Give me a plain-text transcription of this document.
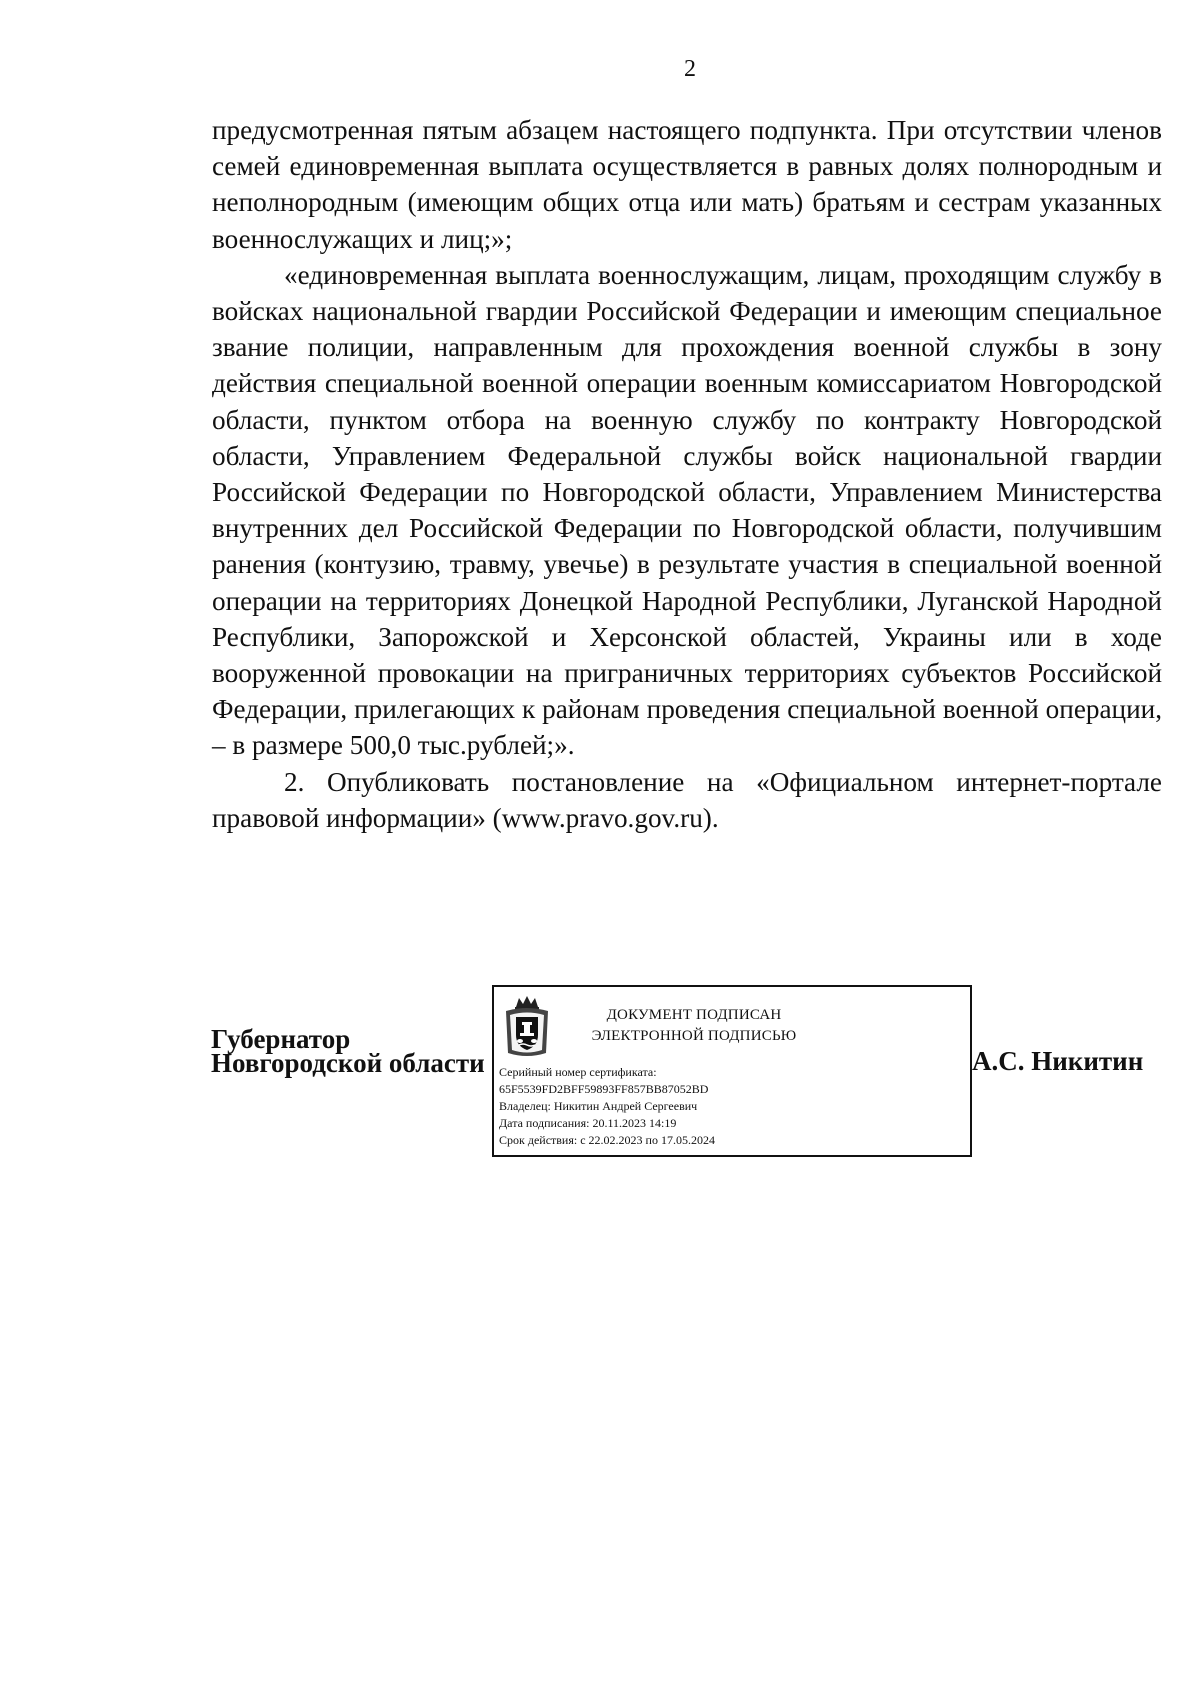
2

предусмотренная пятым абзацем настоящего подпункта. При отсутствии членов семей единовременная выплата осуществляется в равных долях полнородным и неполнородным (имеющим общих отца или мать) братьям и сестрам указанных военнослужащих и лиц;»;

«единовременная выплата военнослужащим, лицам, проходящим службу в войсках национальной гвардии Российской Федерации и имеющим специальное звание полиции, направленным для прохождения военной службы в зону действия специальной военной операции военным комиссариатом Новгородской области, пунктом отбора на военную службу по контракту Новгородской области, Управлением Федеральной службы войск национальной гвардии Российской Федерации по Новгородской области, Управлением Министерства внутренних дел Российской Федерации по Новгородской области, получившим ранения (контузию, травму, увечье) в результате участия в специальной военной операции на территориях Донецкой Народной Республики, Луганской Народной Республики, Запорожской и Херсонской областей, Украины или в ходе вооруженной провокации на приграничных территориях субъектов Российской Федерации, прилегающих к районам проведения специальной военной операции, – в размере 500,0 тыс.рублей;».

2. Опубликовать постановление на «Официальном интернет-портале правовой информации» (www.pravo.gov.ru).

Губернатор
Новгородской области
ДОКУМЕНТ ПОДПИСАН
ЭЛЕКТРОННОЙ ПОДПИСЬЮ
Серийный номер сертификата:
65F5539FD2BFF59893FF857BB87052BD
Владелец: Никитин Андрей Сергеевич
Дата подписания: 20.11.2023 14:19
Срок действия: с 22.02.2023 по 17.05.2024
А.С. Никитин
